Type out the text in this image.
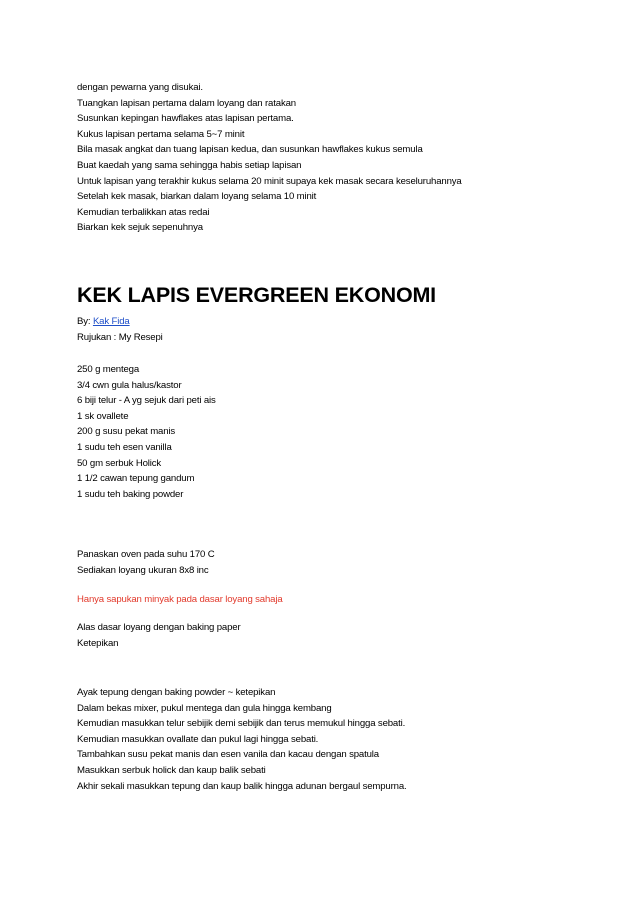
dengan pewarna yang disukai.
Tuangkan lapisan pertama dalam loyang dan ratakan
Susunkan kepingan hawflakes atas lapisan pertama.
Kukus lapisan pertama selama 5~7 minit
Bila masak angkat dan tuang lapisan kedua, dan susunkan hawflakes kukus semula
Buat kaedah yang sama sehingga habis setiap lapisan
Untuk lapisan yang terakhir kukus selama 20 minit supaya kek masak secara keseluruhannya
Setelah kek masak, biarkan dalam loyang selama 10 minit
Kemudian terbalikkan atas redai
Biarkan kek sejuk sepenuhnya
KEK LAPIS EVERGREEN EKONOMI
By: Kak Fida
Rujukan : My Resepi
250 g mentega
3/4 cwn gula halus/kastor
6 biji telur - A yg sejuk dari peti ais
1 sk ovallete
200 g susu pekat manis
1 sudu teh esen vanilla
50 gm serbuk Holick
1 1/2 cawan tepung gandum
1 sudu teh baking powder
Panaskan oven pada suhu 170 C
Sediakan loyang ukuran 8x8 inc
Hanya sapukan minyak pada dasar loyang sahaja
Alas dasar loyang dengan baking paper
Ketepikan
Ayak tepung dengan baking powder ~ ketepikan
Dalam bekas mixer, pukul mentega dan gula hingga kembang
Kemudian masukkan telur sebijik demi sebijik dan terus memukul hingga sebati.
Kemudian masukkan ovallate dan pukul lagi hingga sebati.
Tambahkan susu pekat manis dan esen vanila dan kacau dengan spatula
Masukkan serbuk holick dan kaup balik sebati
Akhir sekali masukkan tepung dan kaup balik hingga adunan bergaul sempurna.
